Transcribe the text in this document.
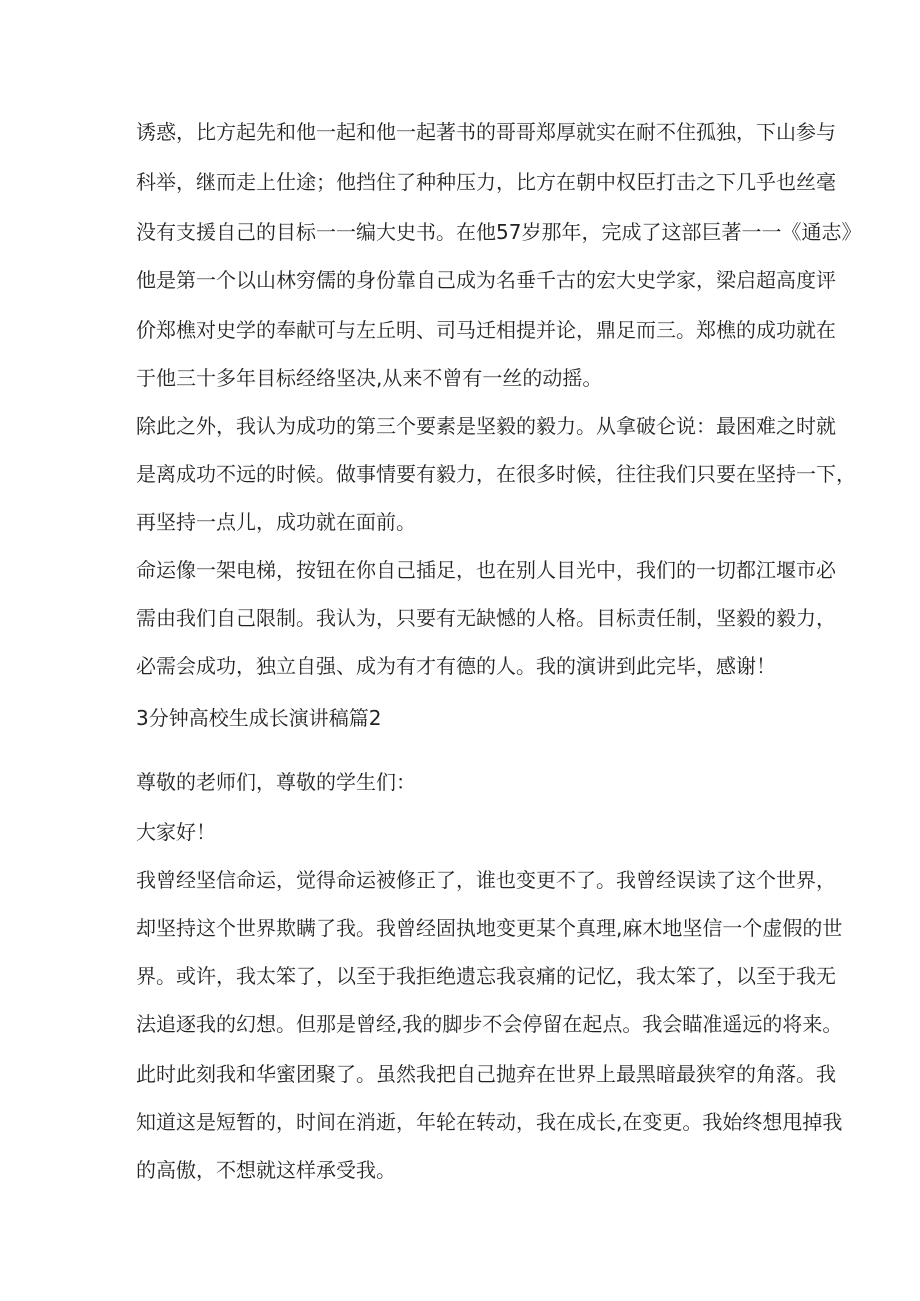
诱惑，比方起先和他一起和他一起著书的哥哥郑厚就实在耐不住孤独，下山参与
科举，继而走上仕途；他挡住了种种压力，比方在朝中权臣打击之下几乎也丝毫
没有支援自己的目标一一编大史书。在他57岁那年，完成了这部巨著一一《通志》
他是第一个以山林穷儒的身份靠自己成为名垂千古的宏大史学家，梁启超高度评
价郑樵对史学的奉献可与左丘明、司马迁相提并论，鼎足而三。郑樵的成功就在
于他三十多年目标经络坚决,从来不曾有一丝的动摇。
除此之外，我认为成功的第三个要素是坚毅的毅力。从拿破仑说：最困难之时就
是离成功不远的时候。做事情要有毅力，在很多时候，往往我们只要在坚持一下，
再坚持一点儿，成功就在面前。
命运像一架电梯，按钮在你自己插足，也在别人目光中，我们的一切都江堰市必
需由我们自己限制。我认为，只要有无缺憾的人格。目标责任制，坚毅的毅力，
必需会成功，独立自强、成为有才有德的人。我的演讲到此完毕，感谢！
3分钟高校生成长演讲稿篇2
尊敬的老师们，尊敬的学生们：
大家好！
我曾经坚信命运，觉得命运被修正了，谁也变更不了。我曾经误读了这个世界，
却坚持这个世界欺瞒了我。我曾经固执地变更某个真理,麻木地坚信一个虚假的世
界。或许，我太笨了，以至于我拒绝遗忘我哀痛的记忆，我太笨了，以至于我无
法追逐我的幻想。但那是曾经,我的脚步不会停留在起点。我会瞄准遥远的将来。
此时此刻我和华蜜团聚了。虽然我把自己抛弃在世界上最黑暗最狭窄的角落。我
知道这是短暂的，时间在消逝，年轮在转动，我在成长,在变更。我始终想甩掉我
的高傲，不想就这样承受我。
